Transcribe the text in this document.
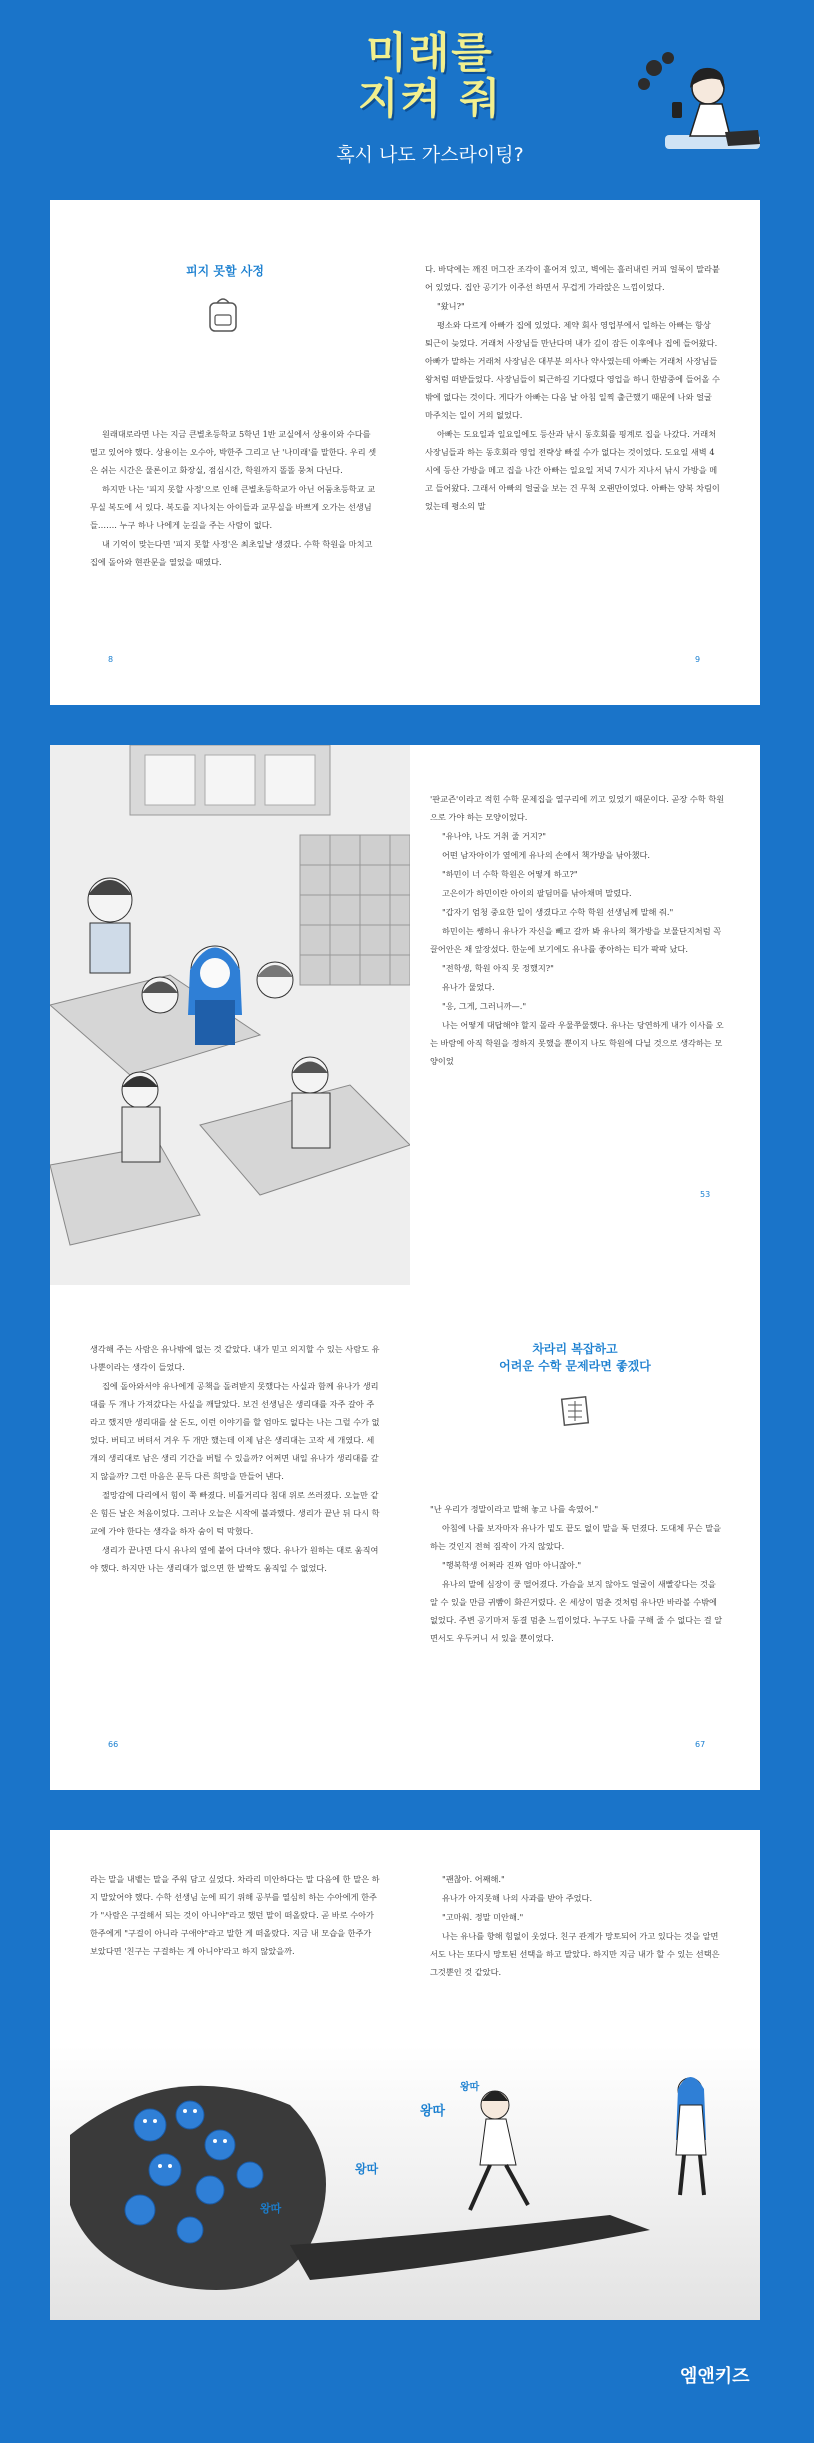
미래를
지켜 줘
혹시 나도 가스라이팅?
피지 못할 사정

원래대로라면 나는 지금 큰별초등학교 5학년 1반 교실에서 상용이와 수다를 떨고 있어야 했다. 상용이는 오수아, 박한주 그리고 난 '나미래'를 말한다. 우리 셋은 쉬는 시간은 물론이고 화장실, 점심시간, 학원까지 똘똘 뭉쳐 다닌다.

하지만 나는 '피지 못할 사정'으로 인해 큰별초등학교가 아닌 어둠초등학교 교무실 복도에 서 있다. 복도를 지나치는 아이들과 교무실을 바쁘게 오가는 선생님들……. 누구 하나 나에게 눈길을 주는 사람이 없다.

내 기억이 맞는다면 '피지 못할 사정'은 최초일날 생겼다. 수학 학원을 마치고 집에 돌아와 현관문을 열었을 때였다.

다. 바닥에는 깨진 머그잔 조각이 흩어져 있고, 벽에는 흘러내린 커피 얼룩이 말라붙어 있었다. 집안 공기가 이주선 하면서 무겁게 가라앉은 느낌이었다.

"왔니?"

평소와 다르게 아빠가 집에 있었다. 제약 회사 영업부에서 일하는 아빠는 항상 퇴근이 늦었다. 거래처 사장님들 만난다며 내가 깊이 잠든 이후에나 집에 들어왔다. 아빠가 말하는 거래처 사장님은 대부분 의사나 약사였는데 아빠는 거래처 사장님들 왕처럼 떠받들었다. 사장님들이 퇴근하길 기다렸다 영업을 하니 한밤중에 들어올 수밖에 없다는 것이다. 게다가 아빠는 다음 날 아침 일찍 출근했기 때문에 나와 얼굴 마주치는 일이 거의 없었다.

아빠는 도요일과 일요일에도 등산과 낚시 동호회를 핑계로 집을 나갔다. 거래처 사장님들과 하는 동호회라 영업 전략상 빠질 수가 없다는 것이었다. 도요일 새벽 4시에 등산 가방을 메고 집을 나간 아빠는 일요일 저녁 7시가 지나서 낚시 가방을 메고 들어왔다. 그래서 아빠의 얼굴을 보는 건 무척 오랜만이었다. 아빠는 양복 차림이었는데 평소의 말

8	9

'판교즌'이라고 적힌 수학 문제집을 열구리에 끼고 있었기 때문이다. 곧장 수학 학원으로 가야 하는 모양이었다.

"유나야, 나도 거취 줄 거지?"

어떤 남자아이가 옆에게 유나의 손에서 책가방을 낚아챘다.

"하민이 너 수학 학원은 어떻게 하고?"

고은이가 하민이란 아이의 팔딤머를 낚아채며 말렸다.

"갑자기 엄청 중요한 일이 생겼다고 수학 학원 선생님께 말해 줘."

하민이는 쌩하니 유나가 자신을 빼고 갈까 봐 유나의 책가방을 보물단지처럼 꼭 끌어안은 채 앞장섰다. 한눈에 보기에도 유나를 좋아하는 티가 팍팍 났다.

"전학생, 학원 아직 못 정했지?"

유나가 물었다.

"응, 그게, 그러니까—."

나는 어떻게 대답해야 할지 몰라 우물쭈물했다. 유나는 당연하게 내가 이사를 오는 바람에 아직 학원을 정하지 못했을 뿐이지 나도 학원에 다닐 것으로 생각하는 모양이었

53

생각해 주는 사람은 유나밖에 없는 것 같았다. 내가 믿고 의지할 수 있는 사람도 유나뿐이라는 생각이 들었다.

집에 돌아와서야 유나에게 공책을 돌려받지 못했다는 사실과 함께 유나가 생리대를 두 개나 가져갔다는 사실을 깨달았다. 보건 선생님은 생리대를 자주 갈아 주라고 했지만 생리대를 살 돈도, 이런 이야기를 할 엄마도 없다는 나는 그럴 수가 없었다. 버티고 버텨서 겨우 두 개만 했는데 이제 남은 생리대는 고작 세 개였다. 세 개의 생리대로 남은 생리 기간을 버틸 수 있을까? 어쩌면 내일 유나가 생리대를 갚지 않을까? 그런 마음은 문득 다른 희망을 만들어 낸다.

절망감에 다리에서 힘이 쭉 빠졌다. 비틀거리다 침대 위로 쓰러졌다. 오늘만 같은 힘든 날은 처음이었다. 그러나 오늘은 시작에 불과했다. 생리가 끝난 뒤 다시 학교에 가야 한다는 생각을 하자 숨이 턱 막혔다.

생리가 끝나면 다시 유나의 옆에 붙어 다녀야 했다. 유나가 원하는 대로 움직여야 했다. 하지만 나는 생리대가 없으면 한 발짝도 움직일 수 없었다.

차라리 복잡하고
어려운 수학 문제라면 좋겠다

"난 우리가 정말이라고 말해 놓고 나를 속였어."

아침에 나를 보자마자 유나가 밑도 끝도 없이 말을 툭 던졌다. 도대체 무슨 말을 하는 것인지 전혀 짐작이 가지 않았다.

"행복학생 어쩌라 진짜 엄마 아니잖아."

유나의 말에 심장이 쿵 떨어졌다. 가슴을 보지 않아도 얼굴이 새빨갛다는 것을 알 수 있을 만큼 귀뺨이 화끈거렸다. 온 세상이 멈춘 것처럼 유나만 바라볼 수밖에 없었다. 주변 공기마저 동결 멈춘 느낌이었다. 누구도 나를 구해 줄 수 없다는 걸 알면서도 우두커니 서 있을 뿐이었다.

66	67

라는 말을 내뱉는 말을 주워 담고 싶었다. 차라리 미안하다는 말 다음에 한 말은 하지 말았어야 했다. 수학 선생님 눈에 띄기 위해 공부를 열심히 하는 수아에게 한주가 "사람은 구걸해서 되는 것이 아니야"라고 했던 말이 떠올랐다. 곧 바로 수아가 한주에게 "구걸이 아니라 구애야"라고 말한 게 떠올랐다. 지금 내 모습을 한주가 보았다면 '친구는 구걸하는 게 아니야'라고 하지 않았을까.

"괜찮아. 어째해."

유나가 아지못해 나의 사과를 받아 주었다.

"고마워. 정말 미안해."

나는 유나를 향해 힘없이 웃었다. 친구 관계가 망토되어 가고 있다는 것을 알면서도 나는 또다시 망토된 선택을 하고 말았다. 하지만 지금 내가 할 수 있는 선택은 그것뿐인 것 같았다.

왕따
왕따
왕따
왕따
엠앤키즈
